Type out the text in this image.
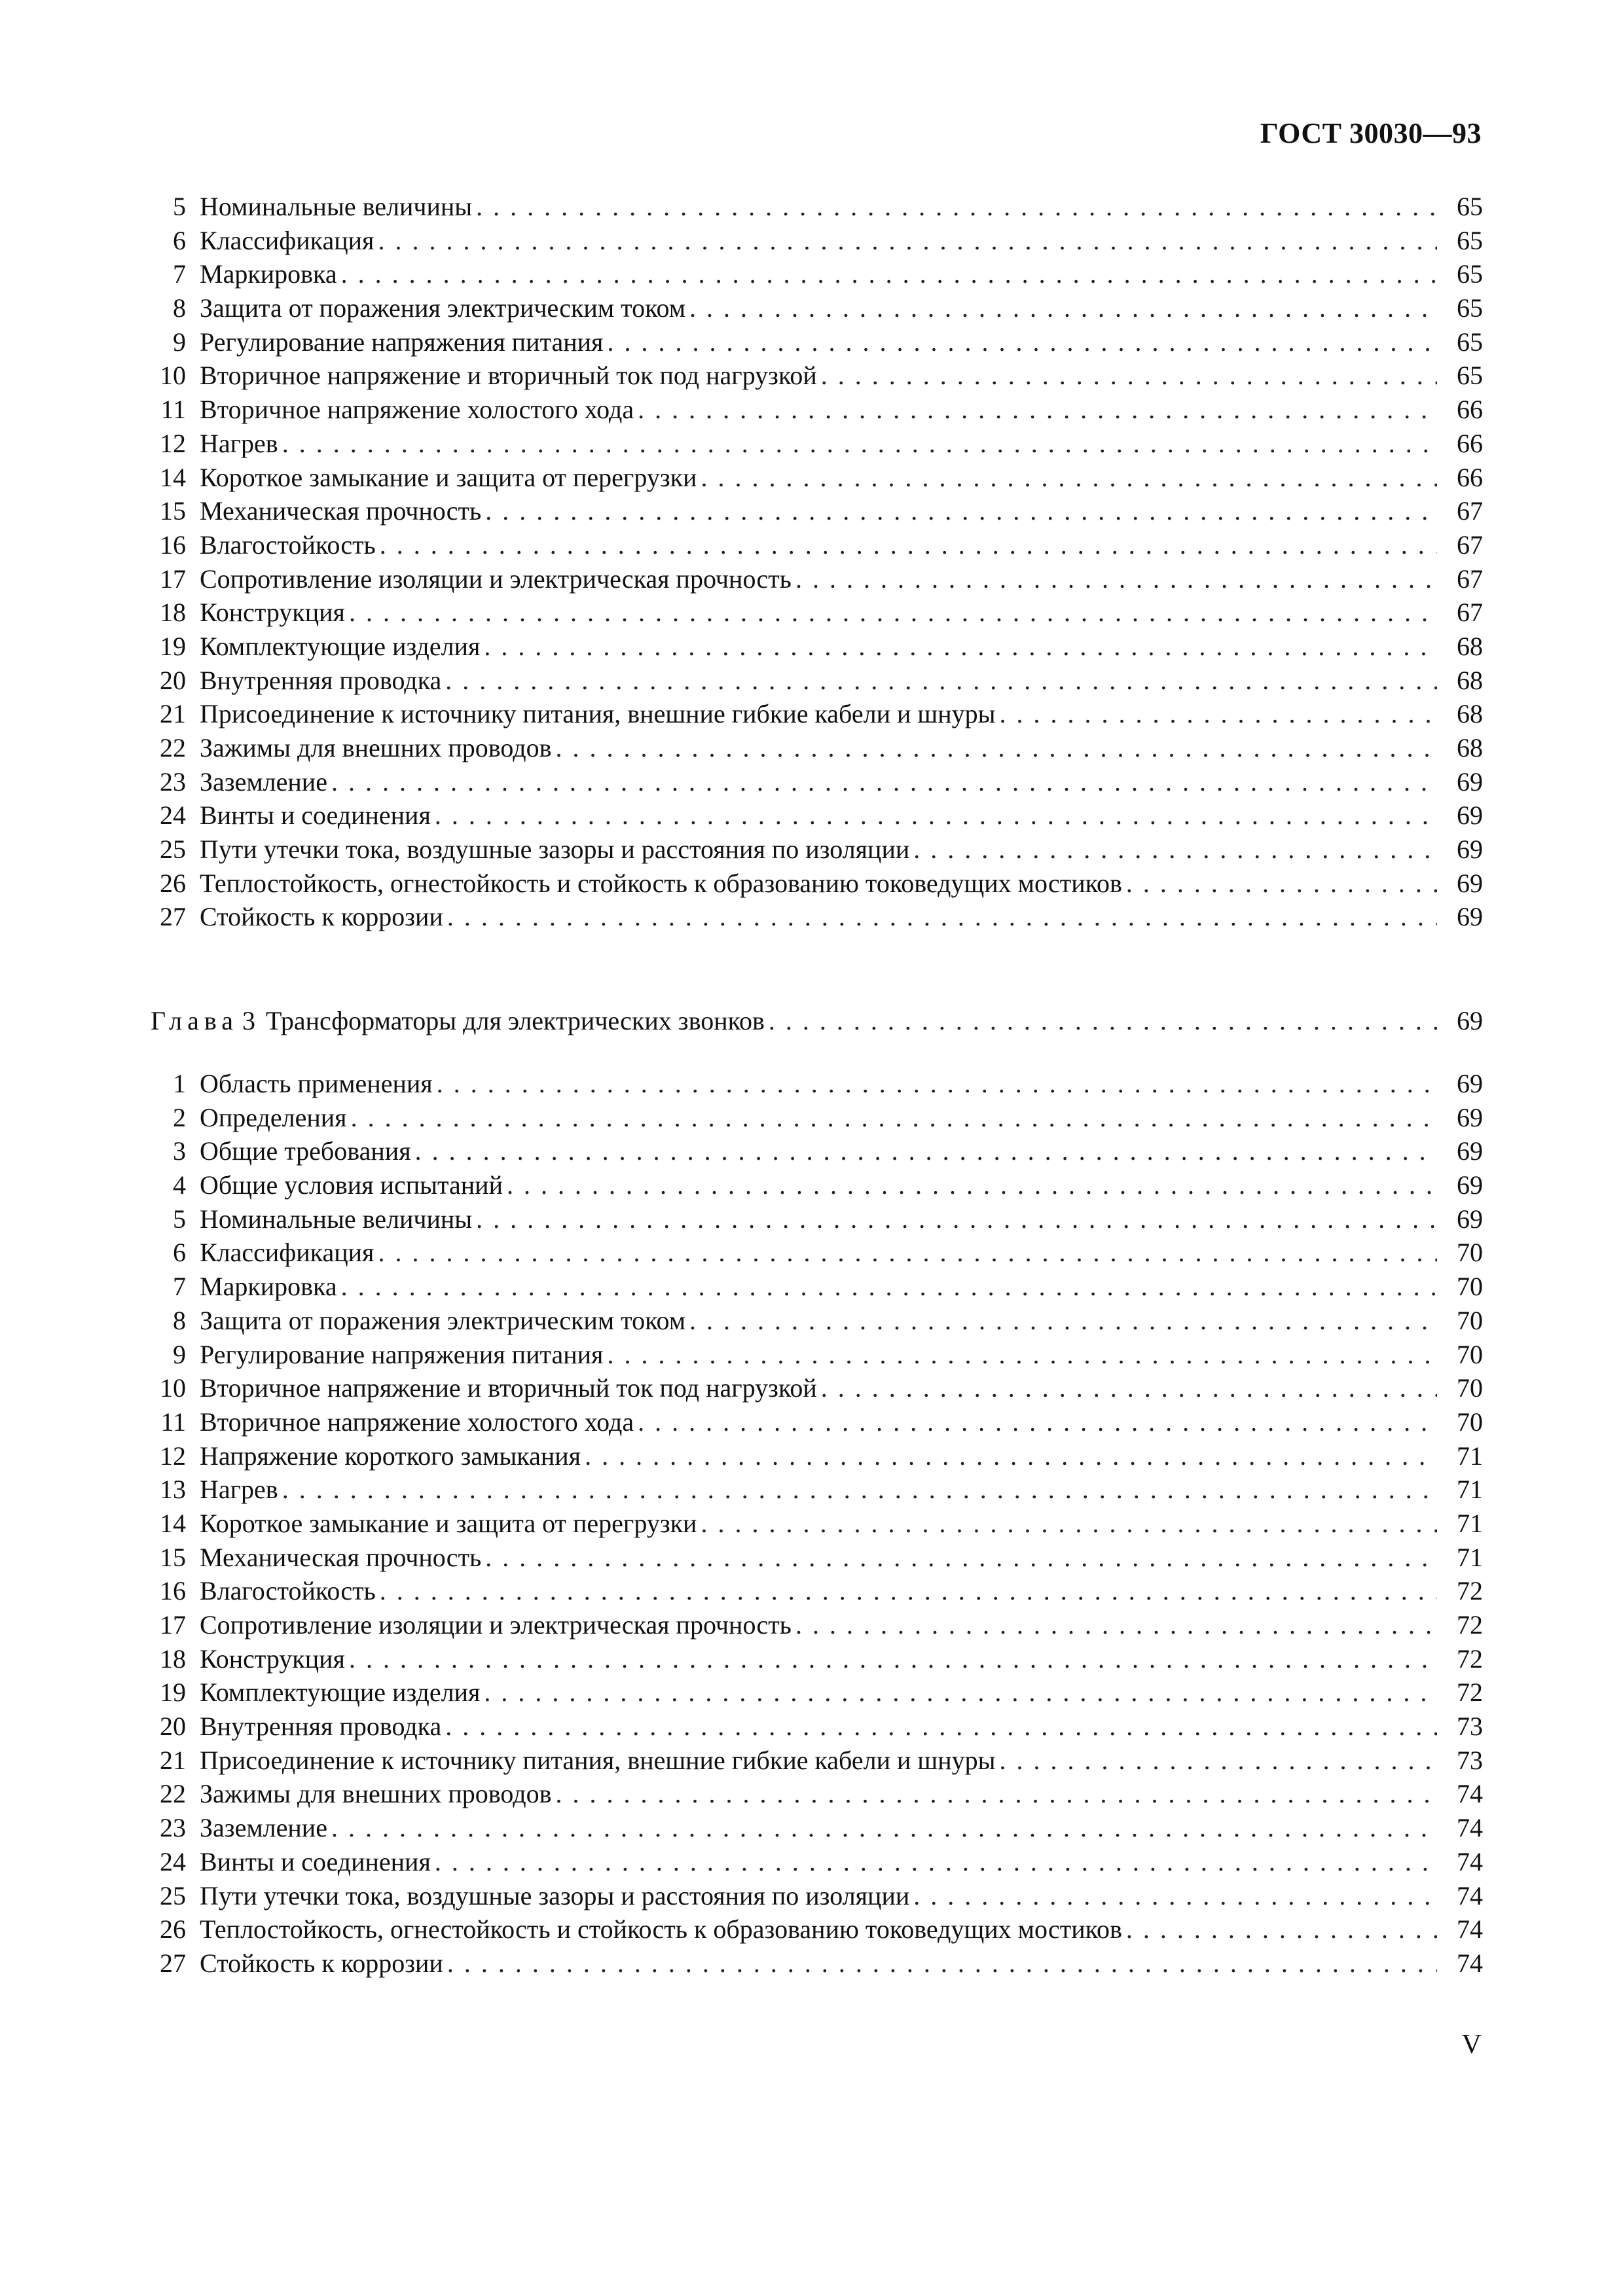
ГОСТ 30030—93
5 Номинальные величины . . .	65
6 Классификация . . .	65
7 Маркировка . . .	65
8 Защита от поражения электрическим током . . .	65
9 Регулирование напряжения питания . . .	65
10 Вторичное напряжение и вторичный ток под нагрузкой . . .	65
11 Вторичное напряжение холостого хода . . .	66
12 Нагрев . . .	66
14 Короткое замыкание и защита от перегрузки . . .	66
15 Механическая прочность . . .	67
16 Влагостойкость . . .	67
17 Сопротивление изоляции и электрическая прочность . . .	67
18 Конструкция . . .	67
19 Комплектующие изделия . . .	68
20 Внутренняя проводка . . .	68
21 Присоединение к источнику питания, внешние гибкие кабели и шнуры . . .	68
22 Зажимы для внешних проводов . . .	68
23 Заземление . . .	69
24 Винты и соединения . . .	69
25 Пути утечки тока, воздушные зазоры и расстояния по изоляции . . .	69
26 Теплостойкость, огнестойкость и стойкость к образованию токоведущих мостиков . . .	69
27 Стойкость к коррозии . . .	69
Глава 3 Трансформаторы для электрических звонков . . .	69
1 Область применения . . .	69
2 Определения . . .	69
3 Общие требования . . .	69
4 Общие условия испытаний . . .	69
5 Номинальные величины . . .	69
6 Классификация . . .	70
7 Маркировка . . .	70
8 Защита от поражения электрическим током . . .	70
9 Регулирование напряжения питания . . .	70
10 Вторичное напряжение и вторичный ток под нагрузкой . . .	70
11 Вторичное напряжение холостого хода . . .	70
12 Напряжение короткого замыкания . . .	71
13 Нагрев . . .	71
14 Короткое замыкание и защита от перегрузки . . .	71
15 Механическая прочность . . .	71
16 Влагостойкость . . .	72
17 Сопротивление изоляции и электрическая прочность . . .	72
18 Конструкция . . .	72
19 Комплектующие изделия . . .	72
20 Внутренняя проводка . . .	73
21 Присоединение к источнику питания, внешние гибкие кабели и шнуры . . .	73
22 Зажимы для внешних проводов . . .	74
23 Заземление . . .	74
24 Винты и соединения . . .	74
25 Пути утечки тока, воздушные зазоры и расстояния по изоляции . . .	74
26 Теплостойкость, огнестойкость и стойкость к образованию токоведущих мостиков . . .	74
27 Стойкость к коррозии . . .	74
V
